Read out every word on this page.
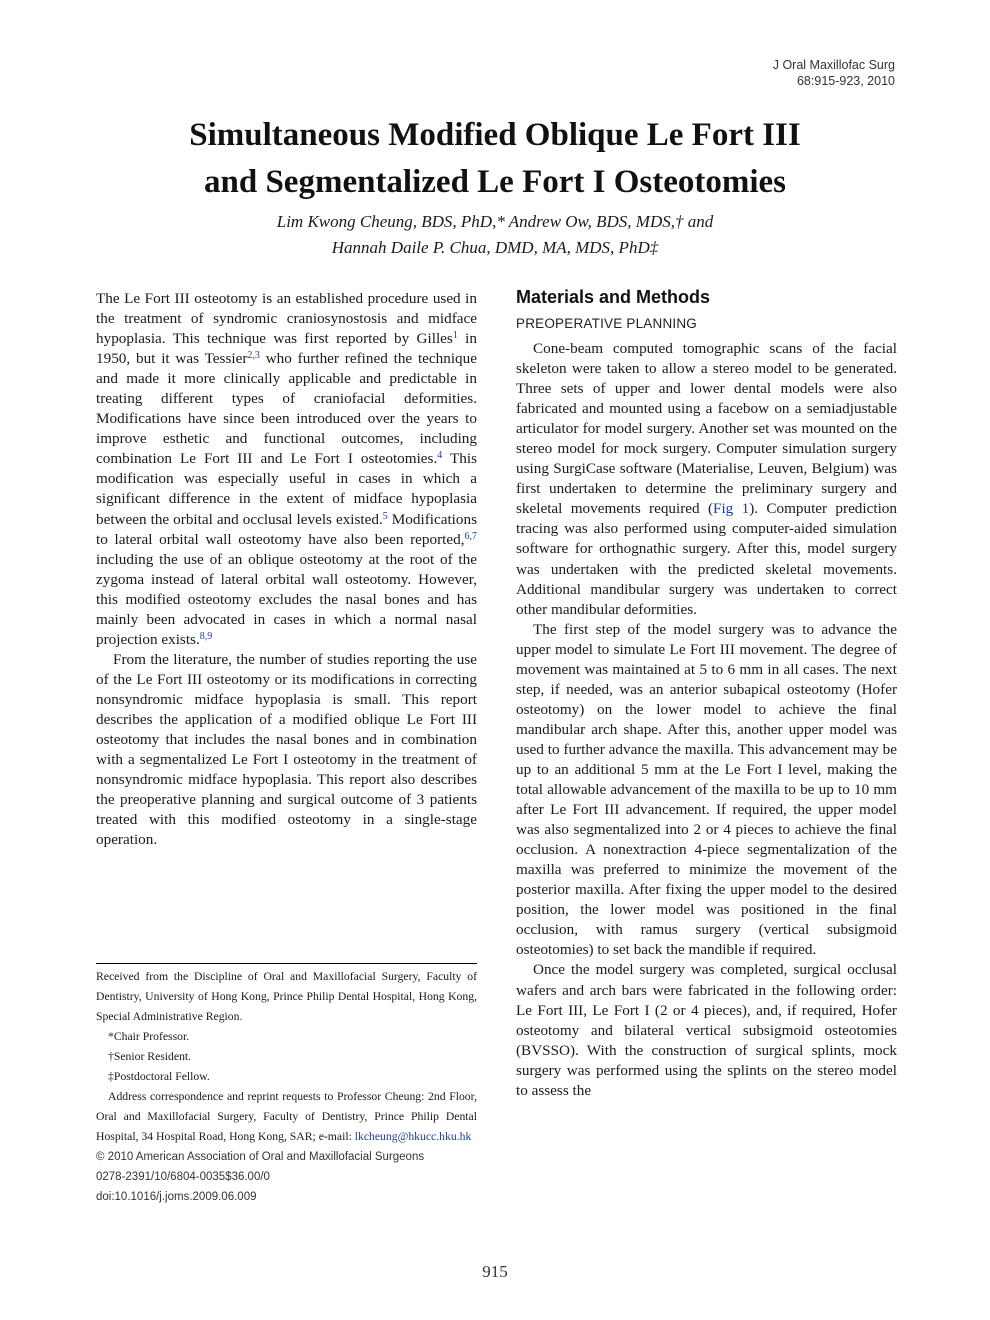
J Oral Maxillofac Surg
68:915-923, 2010
Simultaneous Modified Oblique Le Fort III
and Segmentalized Le Fort I Osteotomies
Lim Kwong Cheung, BDS, PhD,* Andrew Ow, BDS, MDS,† and
Hannah Daile P. Chua, DMD, MA, MDS, PhD‡

The Le Fort III osteotomy is an established procedure used in the treatment of syndromic craniosynostosis and midface hypoplasia. This technique was first reported by Gilles$^1$ in 1950, but it was Tessier$^{2,3}$ who further refined the technique and made it more clinically applicable and predictable in treating different types of craniofacial deformities. Modifications have since been introduced over the years to improve esthetic and functional outcomes, including combination Le Fort III and Le Fort I osteotomies.$^4$ This modification was especially useful in cases in which a significant difference in the extent of midface hypoplasia between the orbital and occlusal levels existed.$^5$ Modifications to lateral orbital wall osteotomy have also been reported,$^{6,7}$ including the use of an oblique osteotomy at the root of the zygoma instead of lateral orbital wall osteotomy. However, this modified osteotomy excludes the nasal bones and has mainly been advocated in cases in which a normal nasal projection exists.$^{8,9}$

From the literature, the number of studies reporting the use of the Le Fort III osteotomy or its modifications in correcting nonsyndromic midface hypoplasia is small. This report describes the application of a modified oblique Le Fort III osteotomy that includes the nasal bones and in combination with a segmentalized Le Fort I osteotomy in the treatment of nonsyndromic midface hypoplasia. This report also describes the preoperative planning and surgical outcome of 3 patients treated with this modified osteotomy in a single-stage operation.

Received from the Discipline of Oral and Maxillofacial Surgery, Faculty of Dentistry, University of Hong Kong, Prince Philip Dental Hospital, Hong Kong, Special Administrative Region.

*Chair Professor.

†Senior Resident.

‡Postdoctoral Fellow.

Address correspondence and reprint requests to Professor Cheung: 2nd Floor, Oral and Maxillofacial Surgery, Faculty of Dentistry, Prince Philip Dental Hospital, 34 Hospital Road, Hong Kong, SAR; e-mail: lkcheung@hkucc.hku.hk

© 2010 American Association of Oral and Maxillofacial Surgeons

0278-2391/10/6804-0035$36.00/0

doi:10.1016/j.joms.2009.06.009

Materials and Methods
PREOPERATIVE PLANNING

Cone-beam computed tomographic scans of the facial skeleton were taken to allow a stereo model to be generated. Three sets of upper and lower dental models were also fabricated and mounted using a facebow on a semiadjustable articulator for model surgery. Another set was mounted on the stereo model for mock surgery. Computer simulation surgery using SurgiCase software (Materialise, Leuven, Belgium) was first undertaken to determine the preliminary surgery and skeletal movements required (Fig 1). Computer prediction tracing was also performed using computer-aided simulation software for orthognathic surgery. After this, model surgery was undertaken with the predicted skeletal movements. Additional mandibular surgery was undertaken to correct other mandibular deformities.

The first step of the model surgery was to advance the upper model to simulate Le Fort III movement. The degree of movement was maintained at 5 to 6 mm in all cases. The next step, if needed, was an anterior subapical osteotomy (Hofer osteotomy) on the lower model to achieve the final mandibular arch shape. After this, another upper model was used to further advance the maxilla. This advancement may be up to an additional 5 mm at the Le Fort I level, making the total allowable advancement of the maxilla to be up to 10 mm after Le Fort III advancement. If required, the upper model was also segmentalized into 2 or 4 pieces to achieve the final occlusion. A nonextraction 4-piece segmentalization of the maxilla was preferred to minimize the movement of the posterior maxilla. After fixing the upper model to the desired position, the lower model was positioned in the final occlusion, with ramus surgery (vertical subsigmoid osteotomies) to set back the mandible if required.

Once the model surgery was completed, surgical occlusal wafers and arch bars were fabricated in the following order: Le Fort III, Le Fort I (2 or 4 pieces), and, if required, Hofer osteotomy and bilateral vertical subsigmoid osteotomies (BVSSO). With the construction of surgical splints, mock surgery was performed using the splints on the stereo model to assess the

915
